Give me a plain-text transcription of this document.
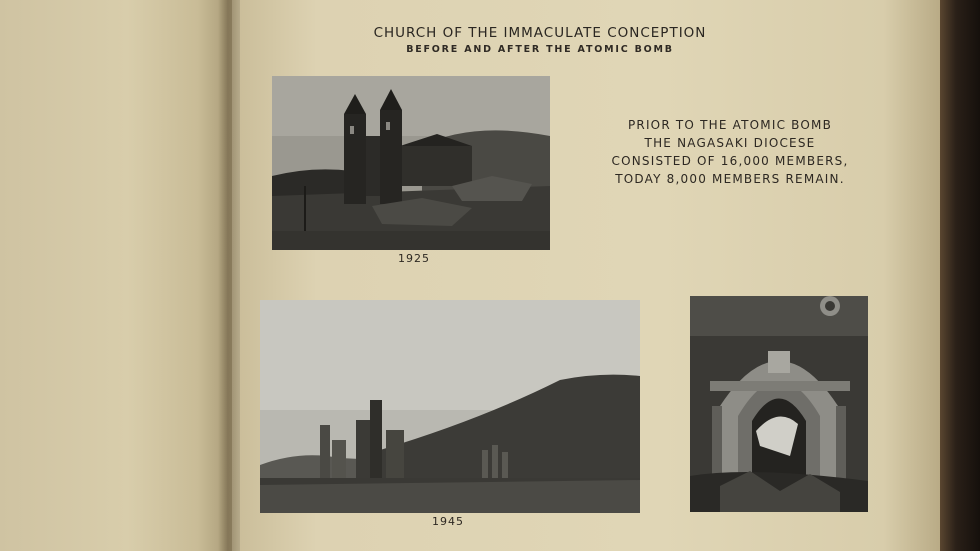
CHURCH OF THE IMMACULATE CONCEPTION
BEFORE AND AFTER THE ATOMIC BOMB
1925
PRIOR TO THE ATOMIC BOMB
THE NAGASAKI DIOCESE
CONSISTED OF 16,000 MEMBERS,
TODAY 8,000 MEMBERS REMAIN.
1945
